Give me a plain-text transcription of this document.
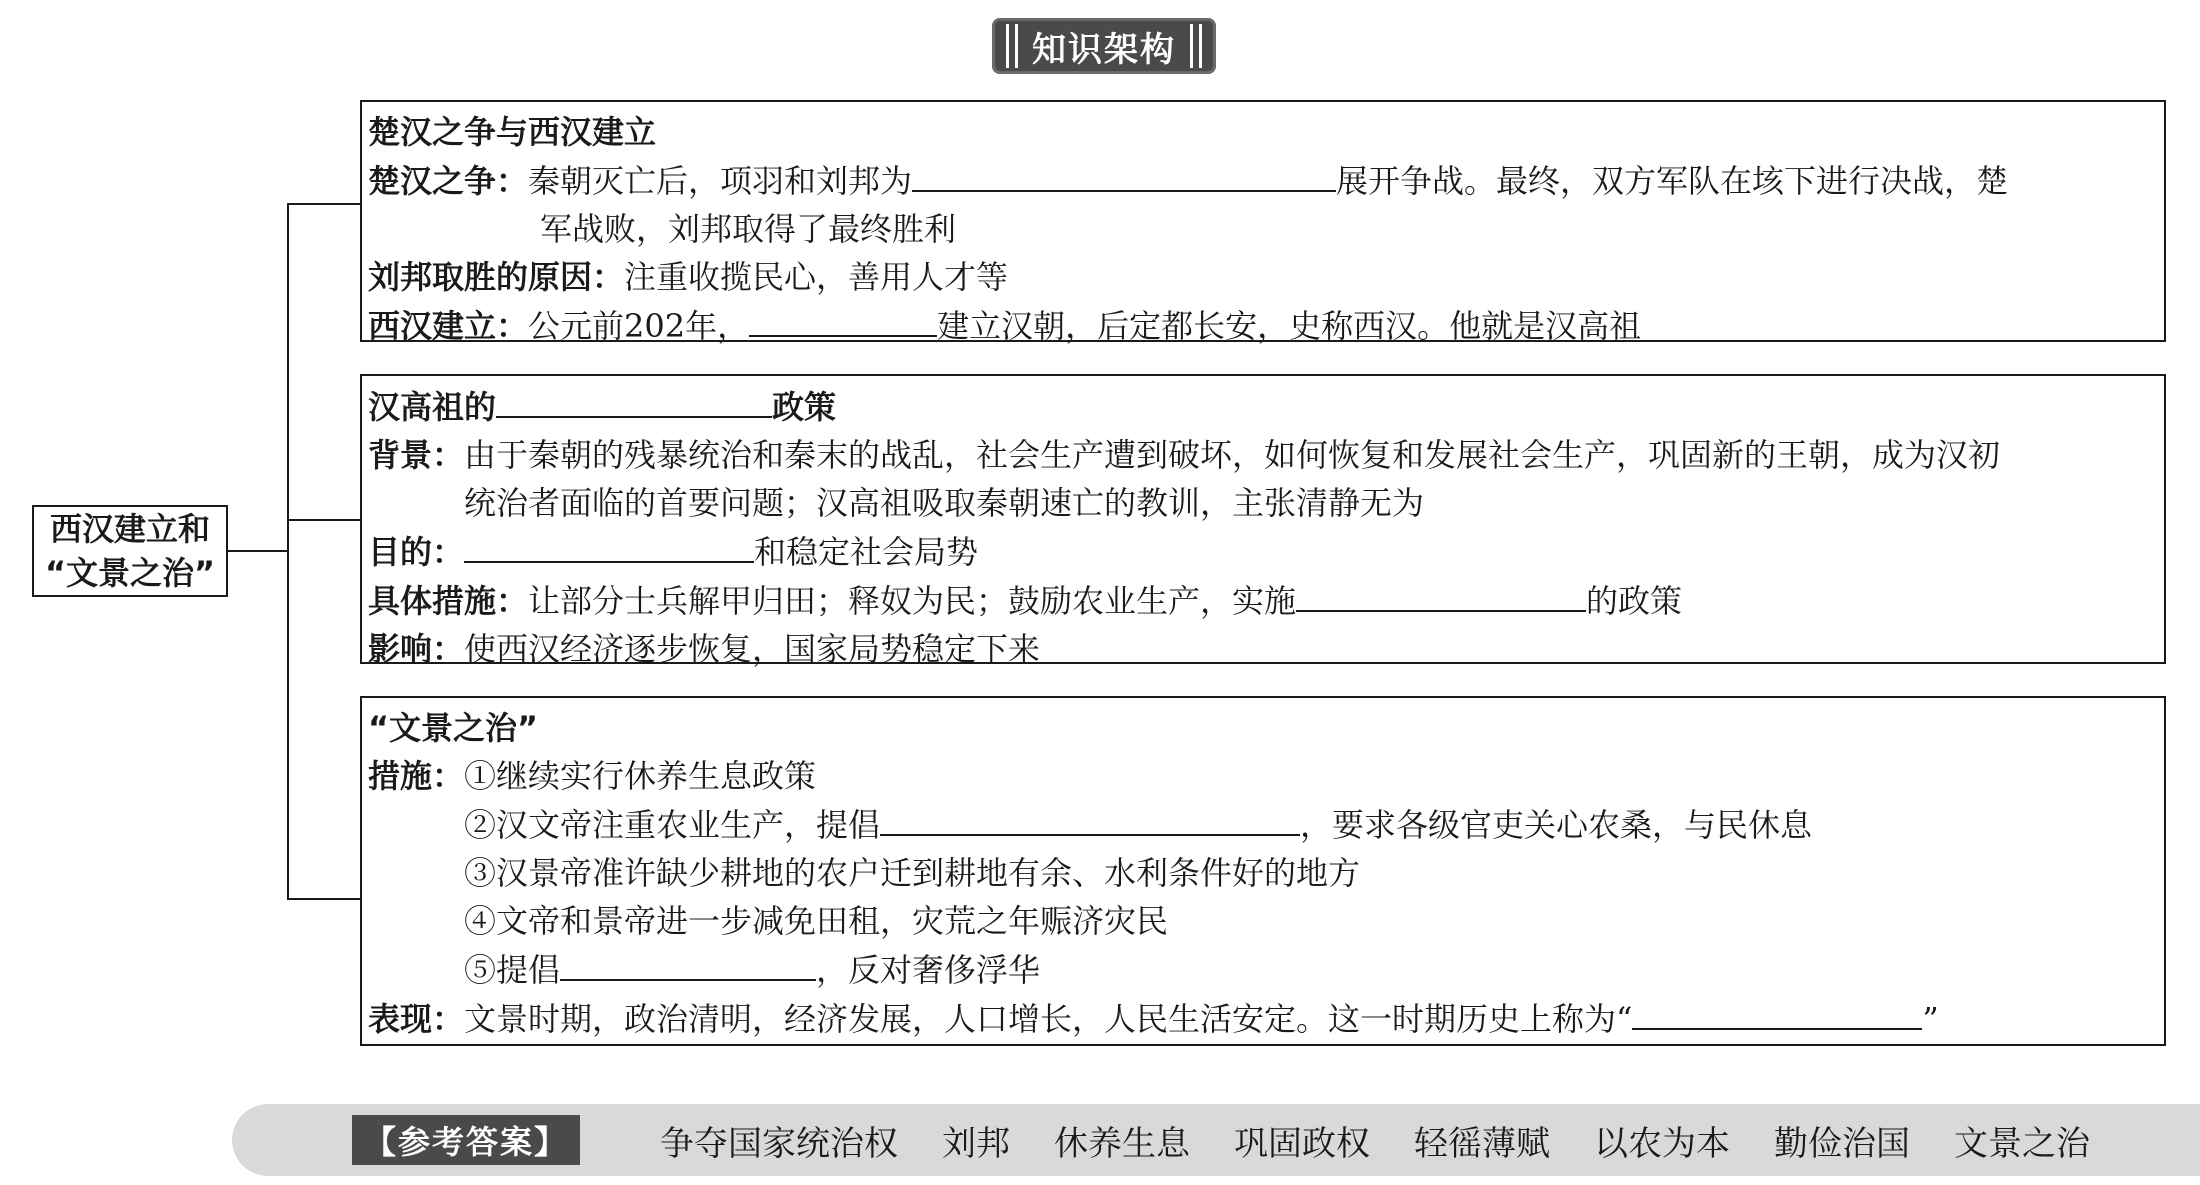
知识架构
西汉建立和
“文景之治”
楚汉之争与西汉建立
楚汉之争：秦朝灭亡后，项羽和刘邦为	展开争战。最终，双方军队在垓下进行决战，楚
军战败，刘邦取得了最终胜利
刘邦取胜的原因：注重收揽民心，善用人才等
西汉建立：公元前202年，	建立汉朝，后定都长安，史称西汉。他就是汉高祖
汉高祖的	政策
背景：由于秦朝的残暴统治和秦末的战乱，社会生产遭到破坏，如何恢复和发展社会生产，巩固新的王朝，成为汉初
统治者面临的首要问题；汉高祖吸取秦朝速亡的教训，主张清静无为
目的：	和稳定社会局势
具体措施：让部分士兵解甲归田；释奴为民；鼓励农业生产，实施	的政策
影响：使西汉经济逐步恢复，国家局势稳定下来
“文景之治”
措施：①继续实行休养生息政策
②汉文帝注重农业生产，提倡	，要求各级官吏关心农桑，与民休息
③汉景帝准许缺少耕地的农户迁到耕地有余、水利条件好的地方
④文帝和景帝进一步减免田租，灾荒之年赈济灾民
⑤提倡	，反对奢侈浮华
表现：文景时期，政治清明，经济发展，人口增长，人民生活安定。这一时期历史上称为“	”
【参考答案】	争夺国家统治权 刘邦 休养生息 巩固政权 轻徭薄赋 以农为本 勤俭治国 文景之治
